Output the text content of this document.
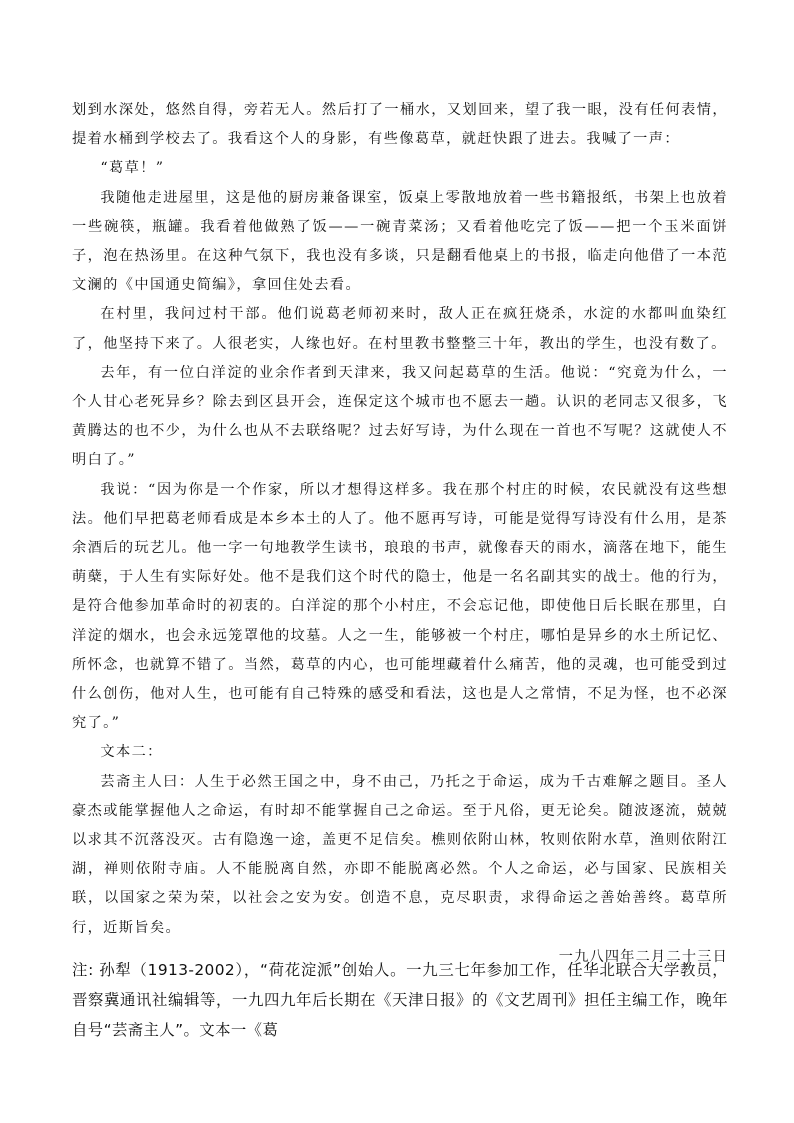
划到水深处，悠然自得，旁若无人。然后打了一桶水，又划回来，望了我一眼，没有任何表情，提着水桶到学校去了。我看这个人的身影，有些像葛草，就赶快跟了进去。我喊了一声：

“葛草！”

我随他走进屋里，这是他的厨房兼备课室，饭桌上零散地放着一些书籍报纸，书架上也放着一些碗筷，瓶罐。我看着他做熟了饭——一碗青菜汤；又看着他吃完了饭——把一个玉米面饼子，泡在热汤里。在这种气氛下，我也没有多谈，只是翻看他桌上的书报，临走向他借了一本范文澜的《中国通史简编》，拿回住处去看。

在村里，我问过村干部。他们说葛老师初来时，敌人正在疯狂烧杀，水淀的水都叫血染红了，他坚持下来了。人很老实，人缘也好。在村里教书整整三十年，教出的学生，也没有数了。

去年，有一位白洋淀的业余作者到天津来，我又问起葛草的生活。他说：“究竟为什么，一个人甘心老死异乡？除去到区县开会，连保定这个城市也不愿去一趟。认识的老同志又很多，飞黄腾达的也不少，为什么也从不去联络呢？过去好写诗，为什么现在一首也不写呢？这就使人不明白了。”

我说：“因为你是一个作家，所以才想得这样多。我在那个村庄的时候，农民就没有这些想法。他们早把葛老师看成是本乡本土的人了。他不愿再写诗，可能是觉得写诗没有什么用，是茶余酒后的玩艺儿。他一字一句地教学生读书，琅琅的书声，就像春天的雨水，滴落在地下，能生萌蘖，于人生有实际好处。他不是我们这个时代的隐士，他是一名名副其实的战士。他的行为，是符合他参加革命时的初衷的。白洋淀的那个小村庄，不会忘记他，即使他日后长眠在那里，白洋淀的烟水，也会永远笼罩他的坟墓。人之一生，能够被一个村庄，哪怕是异乡的水土所记忆、所怀念，也就算不错了。当然，葛草的内心，也可能埋藏着什么痛苦，他的灵魂，也可能受到过什么创伤，他对人生，也可能有自己特殊的感受和看法，这也是人之常情，不足为怪，也不必深究了。”

文本二：

芸斋主人曰：人生于必然王国之中，身不由己，乃托之于命运，成为千古难解之题目。圣人豪杰或能掌握他人之命运，有时却不能掌握自己之命运。至于凡俗，更无论矣。随波逐流，兢兢以求其不沉落没灭。古有隐逸一途，盖更不足信矣。樵则依附山林，牧则依附水草，渔则依附江湖，禅则依附寺庙。人不能脱离自然，亦即不能脱离必然。个人之命运，必与国家、民族相关联，以国家之荣为荣，以社会之安为安。创造不息，克尽职责，求得命运之善始善终。葛草所行，近斯旨矣。

一九八四年二月二十三日

注: 孙犁（1913-2002），“荷花淀派”创始人。一九三七年参加工作，任华北联合大学教员，晋察冀通讯社编辑等，一九四九年后长期在《天津日报》的《文艺周刊》担任主编工作，晚年自号“芸斋主人”。文本一《葛
